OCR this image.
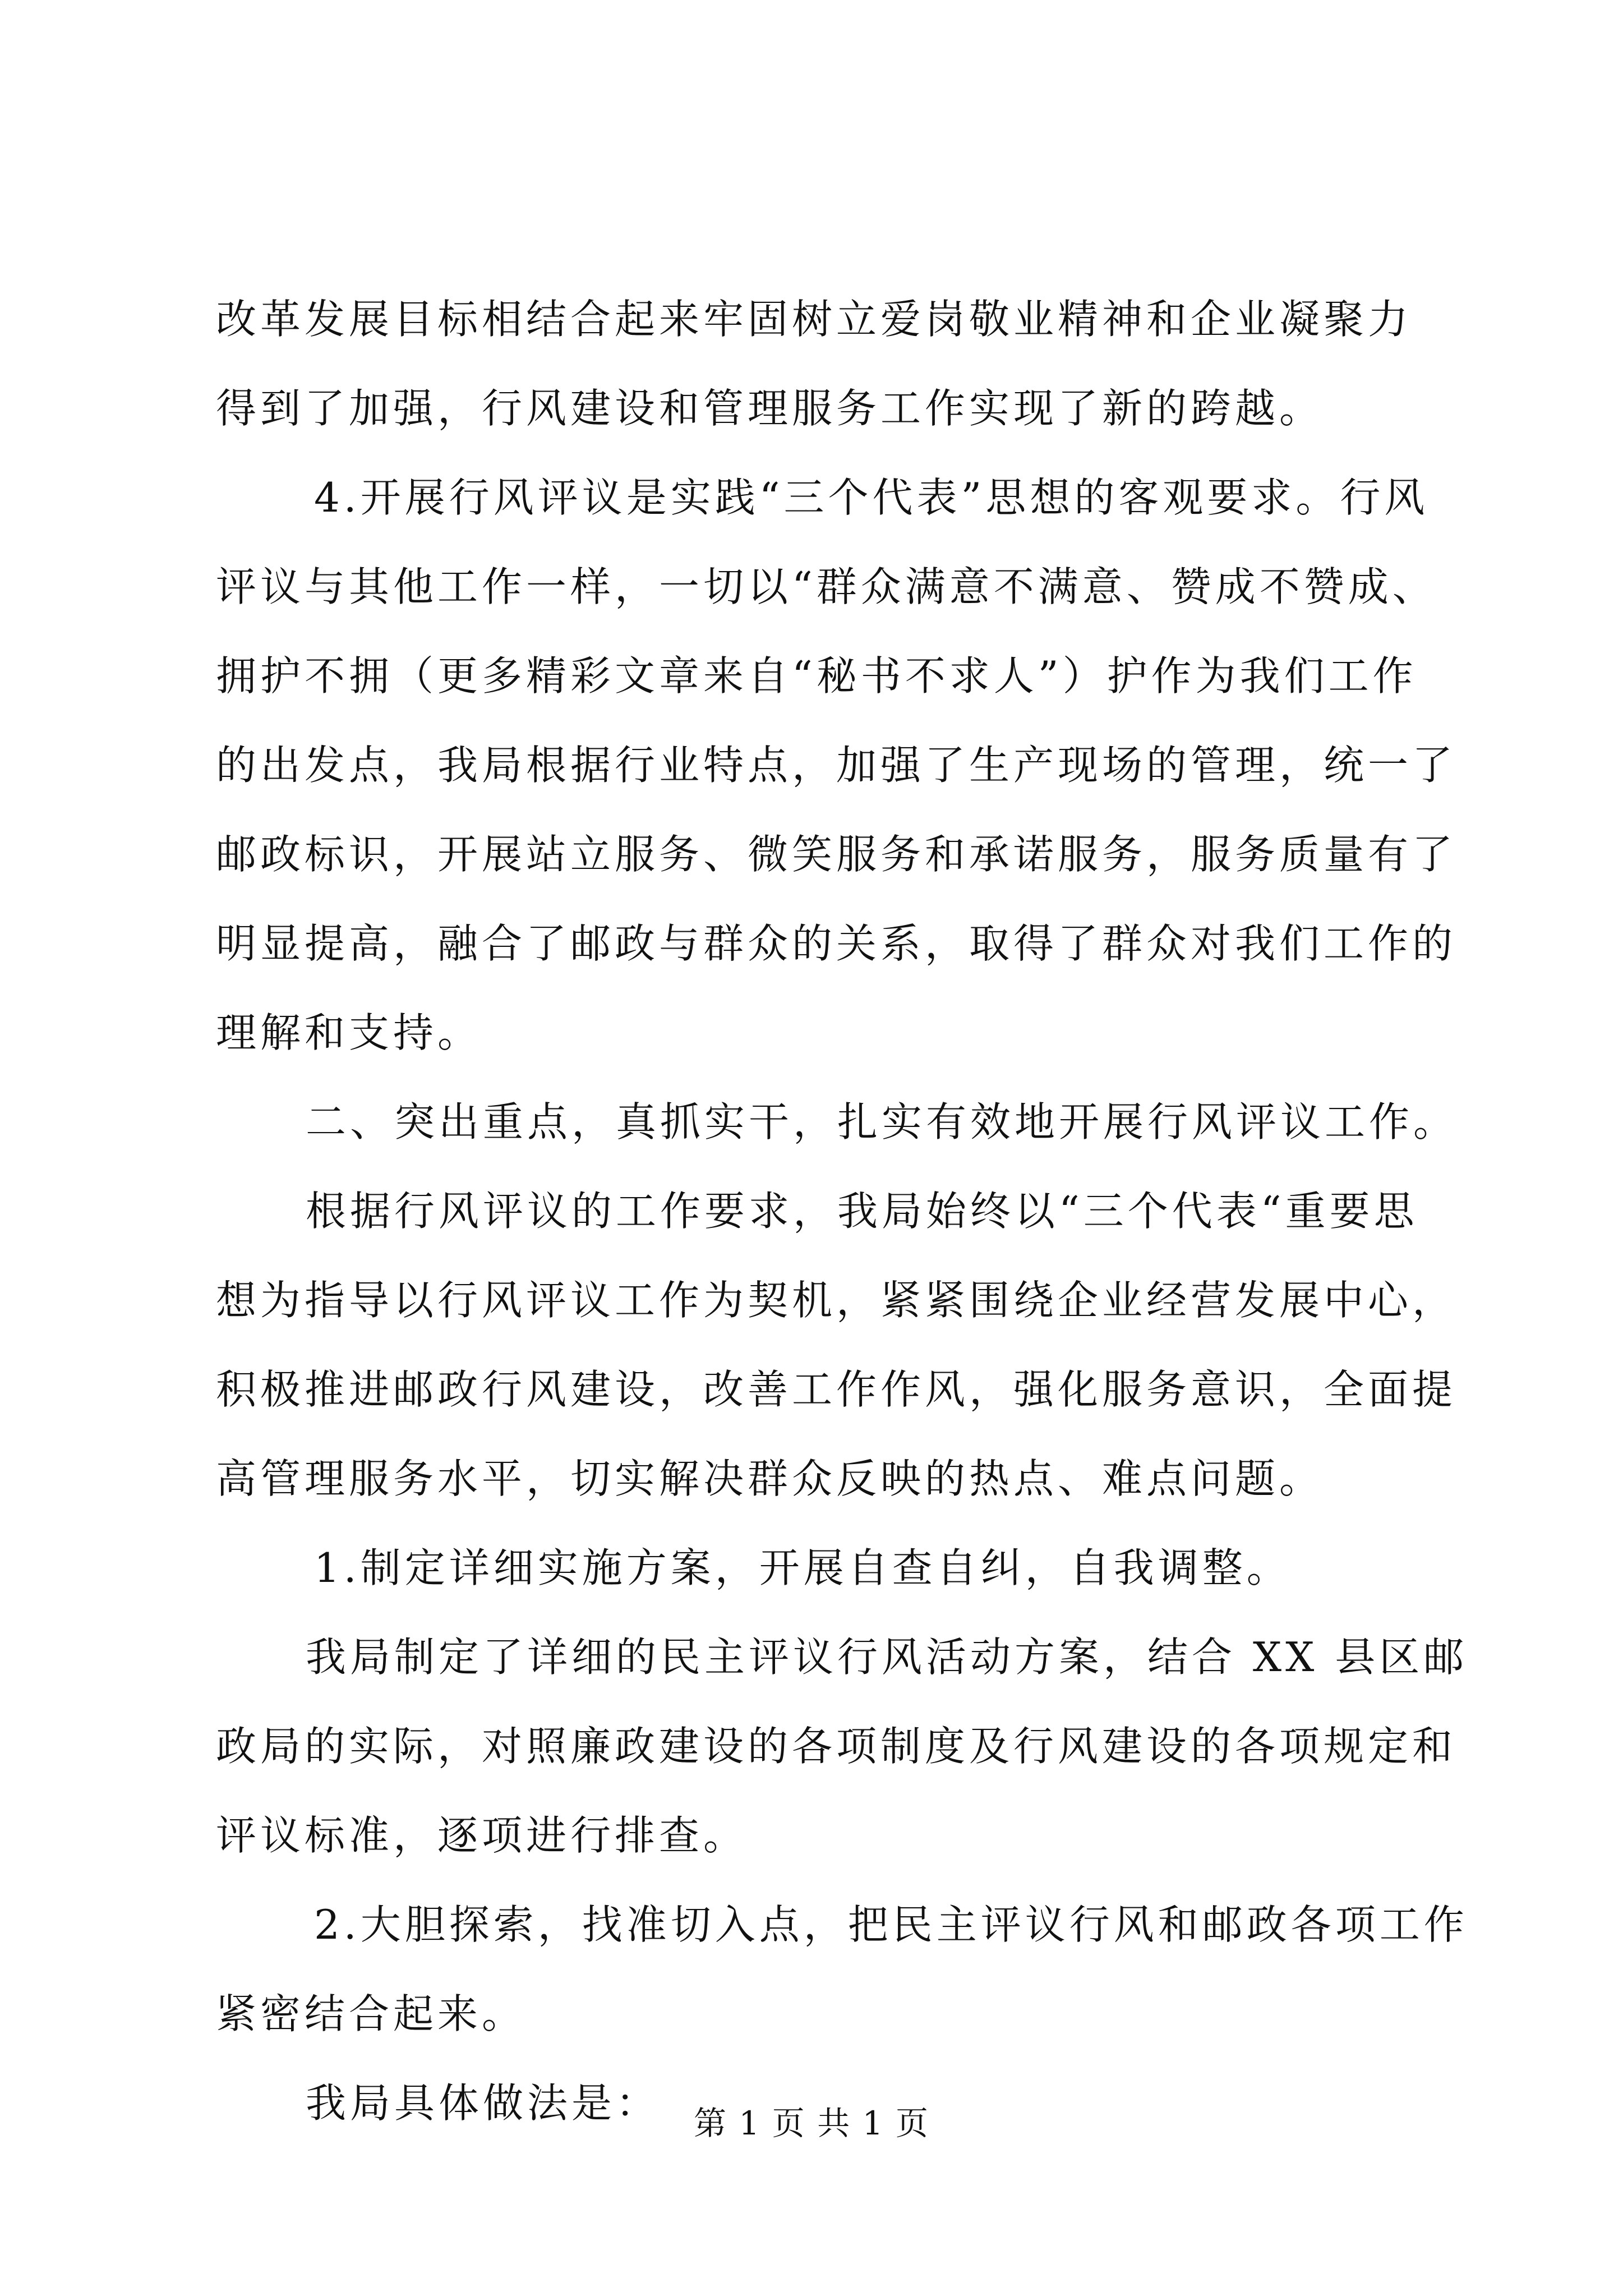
改革发展目标相结合起来牢固树立爱岗敬业精神和企业凝聚力
得到了加强，行风建设和管理服务工作实现了新的跨越。
4.开展行风评议是实践“三个代表”思想的客观要求。行风
评议与其他工作一样，一切以“群众满意不满意、赞成不赞成、
拥护不拥（更多精彩文章来自“秘书不求人”）护作为我们工作
的出发点，我局根据行业特点，加强了生产现场的管理，统一了
邮政标识，开展站立服务、微笑服务和承诺服务，服务质量有了
明显提高，融合了邮政与群众的关系，取得了群众对我们工作的
理解和支持。
二、突出重点，真抓实干，扎实有效地开展行风评议工作。
根据行风评议的工作要求，我局始终以“三个代表“重要思
想为指导以行风评议工作为契机，紧紧围绕企业经营发展中心，
积极推进邮政行风建设，改善工作作风，强化服务意识，全面提
高管理服务水平，切实解决群众反映的热点、难点问题。
1.制定详细实施方案，开展自查自纠，自我调整。
我局制定了详细的民主评议行风活动方案，结合 XX 县区邮
政局的实际，对照廉政建设的各项制度及行风建设的各项规定和
评议标准，逐项进行排查。
2.大胆探索，找准切入点，把民主评议行风和邮政各项工作
紧密结合起来。
我局具体做法是：	第 1 页 共 1 页
